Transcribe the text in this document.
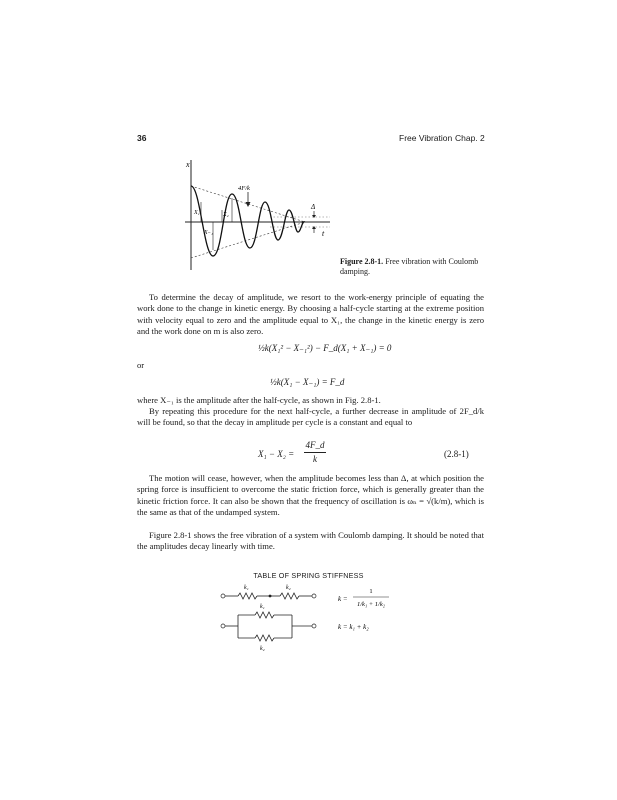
36	Free Vibration Chap. 2
x
t
4F/k
Δ
X₁
X₋₁
X₂
Figure 2.8-1. Free vibration with Coulomb damping.
To determine the decay of amplitude, we resort to the work-energy principle of equating the work done to the change in kinetic energy. By choosing a half-cycle starting at the extreme position with velocity equal to zero and the amplitude equal to X₁, the change in the kinetic energy is zero and the work done on m is also zero.
½k(X₁² − X₋₁²) − F_d(X₁ + X₋₁) = 0
or
½k(X₁ − X₋₁) = F_d
where X₋₁ is the amplitude after the half-cycle, as shown in Fig. 2.8-1.
By repeating this procedure for the next half-cycle, a further decrease in amplitude of 2F_d/k will be found, so that the decay in amplitude per cycle is a constant and equal to
X₁ − X₂ =
4F_d
k	(2.8-1)
The motion will cease, however, when the amplitude becomes less than Δ, at which position the spring force is insufficient to overcome the static friction force, which is generally greater than the kinetic friction force. It can also be shown that the frequency of oscillation is ωₙ = √(k/m), which is the same as that of the undamped system.
Figure 2.8-1 shows the free vibration of a system with Coulomb damping. It should be noted that the amplitudes decay linearly with time.
TABLE OF SPRING STIFFNESS
k₁	k₂
k =
1
1/k₁ + 1/k₂
k₁
k₂
k = k₁ + k₂
